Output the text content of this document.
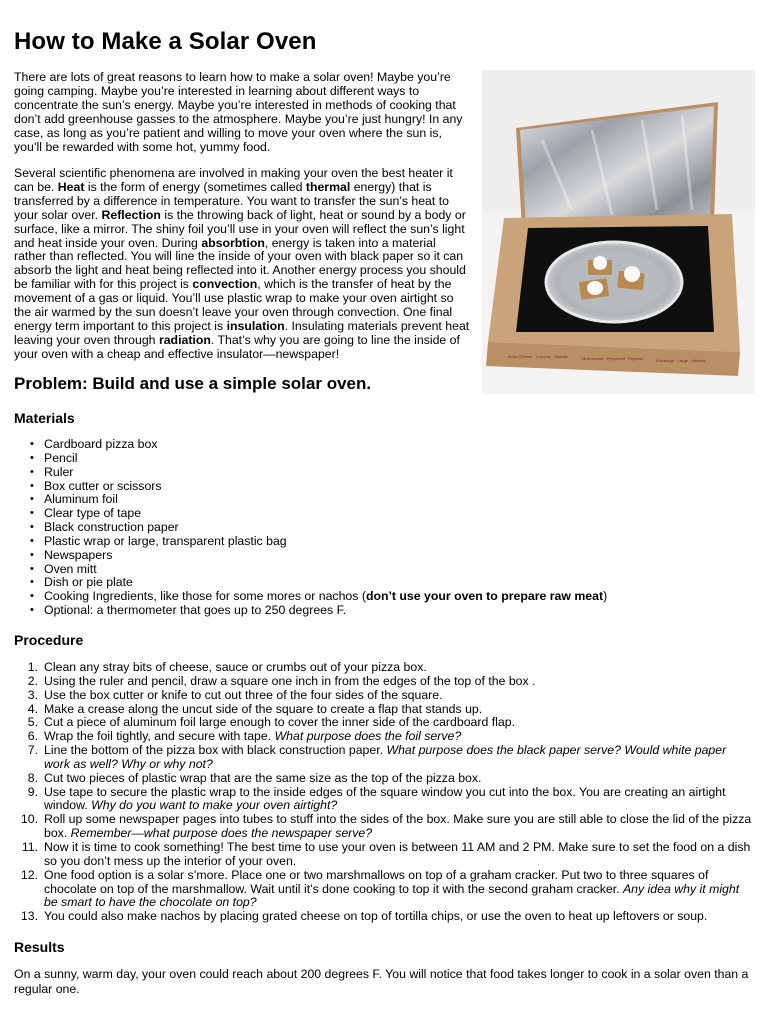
How to Make a Solar Oven

There are lots of great reasons to learn how to make a solar oven! Maybe you’re going camping. Maybe you’re interested in learning about different ways to concentrate the sun’s energy. Maybe you’re interested in methods of cooking that don’t add greenhouse gasses to the atmosphere. Maybe you’re just hungry! In any case, as long as you’re patient and willing to move your oven where the sun is, you’ll be rewarded with some hot, yummy food.

Several scientific phenomena are involved in making your oven the best heater it can be. Heat is the form of energy (sometimes called thermal energy) that is transferred by a difference in temperature. You want to transfer the sun’s heat to your solar over. Reflection is the throwing back of light, heat or sound by a body or surface, like a mirror. The shiny foil you’ll use in your oven will reflect the sun’s light and heat inside your oven. During absorbtion, energy is taken into a material rather than reflected. You will line the inside of your oven with black paper so it can absorb the light and heat being reflected into it. Another energy process you should be familiar with for this project is convection, which is the transfer of heat by the movement of a gas or liquid. You’ll use plastic wrap to make your oven airtight so the air warmed by the sun doesn’t leave your oven through convection. One final energy term important to this project is insulation. Insulating materials prevent heat leaving your oven through radiation. That’s why you are going to line the inside of your oven with a cheap and effective insulator—newspaper!	Extra Cheese · Crunchy · Special	Mushrooms · Pepperoni · Peppers	Extralarge · Large · Medium
Problem: Build and use a simple solar oven.
Materials
• Cardboard pizza box
• Pencil
• Ruler
• Box cutter or scissors
• Aluminum foil
• Clear type of tape
• Black construction paper
• Plastic wrap or large, transparent plastic bag
• Newspapers
• Oven mitt
• Dish or pie plate
• Cooking Ingredients, like those for some mores or nachos (don’t use your oven to prepare raw meat)
• Optional: a thermometer that goes up to 250 degrees F.
Procedure
Clean any stray bits of cheese, sauce or crumbs out of your pizza box.
Using the ruler and pencil, draw a square one inch in from the edges of the top of the box .
Use the box cutter or knife to cut out three of the four sides of the square.
Make a crease along the uncut side of the square to create a flap that stands up.
Cut a piece of aluminum foil large enough to cover the inner side of the cardboard flap.
Wrap the foil tightly, and secure with tape. What purpose does the foil serve?
Line the bottom of the pizza box with black construction paper. What purpose does the black paper serve? Would white paper work as well? Why or why not?
Cut two pieces of plastic wrap that are the same size as the top of the pizza box.
Use tape to secure the plastic wrap to the inside edges of the square window you cut into the box. You are creating an airtight window. Why do you want to make your oven airtight?
Roll up some newspaper pages into tubes to stuff into the sides of the box. Make sure you are still able to close the lid of the pizza box. Remember—what purpose does the newspaper serve?
Now it is time to cook something! The best time to use your oven is between 11 AM and 2 PM. Make sure to set the food on a dish so you don’t mess up the interior of your oven.
One food option is a solar s’more. Place one or two marshmallows on top of a graham cracker. Put two to three squares of chocolate on top of the marshmallow. Wait until it’s done cooking to top it with the second graham cracker. Any idea why it might be smart to have the chocolate on top?
You could also make nachos by placing grated cheese on top of tortilla chips, or use the oven to heat up leftovers or soup.
Results

On a sunny, warm day, your oven could reach about 200 degrees F. You will notice that food takes longer to cook in a solar oven than a regular one.
